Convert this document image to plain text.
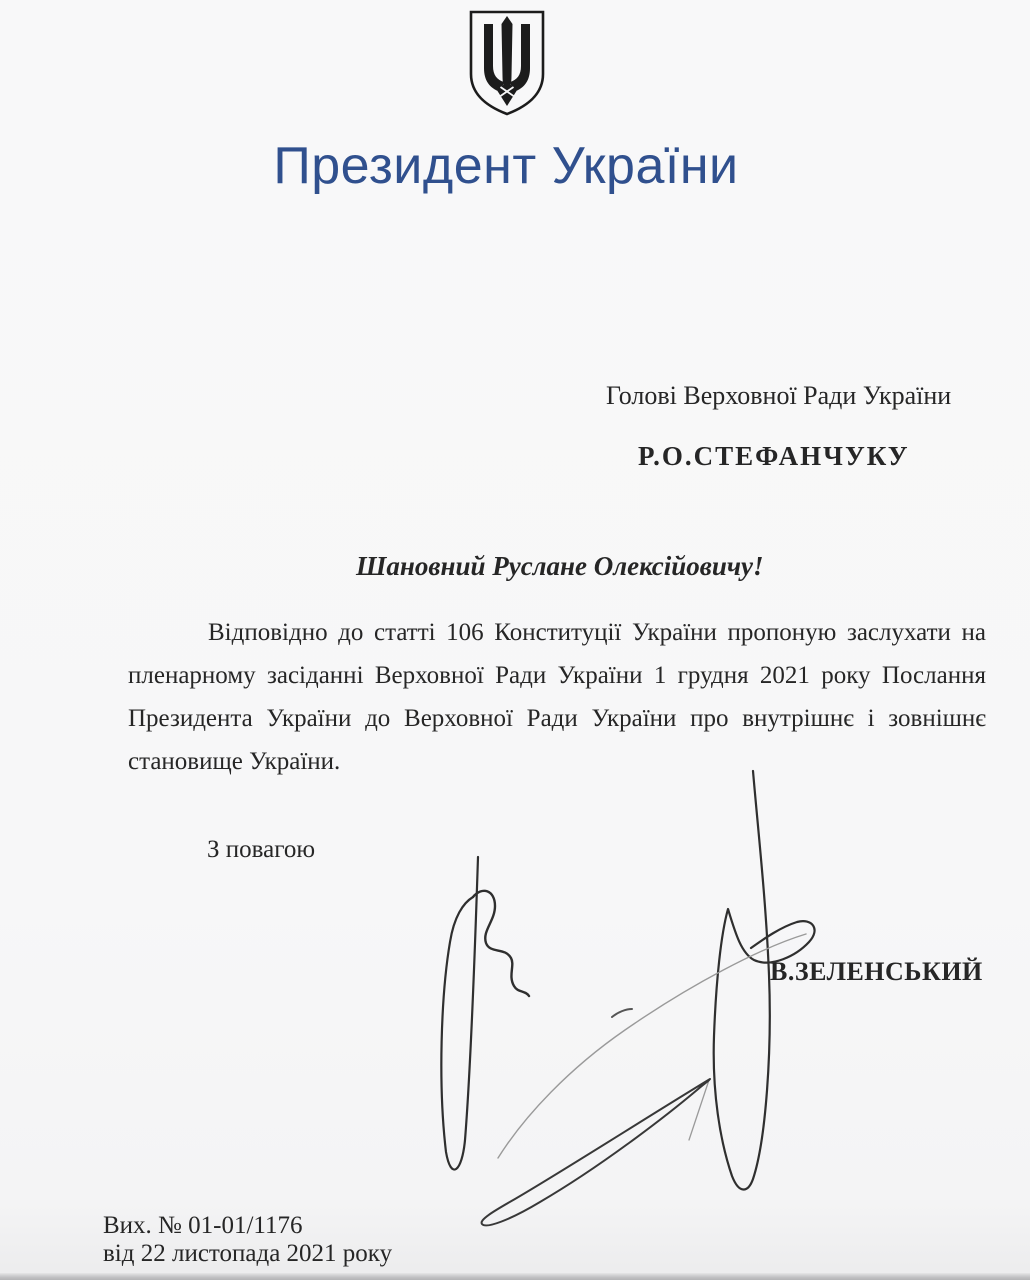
Президент України
Голові Верховної Ради України
Р.О.СТЕФАНЧУКУ
Шановний Руслане Олексійовичу!
Відповідно до статті 106 Конституції України пропоную заслухати на
пленарному засіданні Верховної Ради України 1 грудня 2021 року Послання
Президента України до Верховної Ради України про внутрішнє і зовнішнє
становище України.
З повагою
В.ЗЕЛЕНСЬКИЙ
Вих. № 01-01/1176
від 22 листопада 2021 року
